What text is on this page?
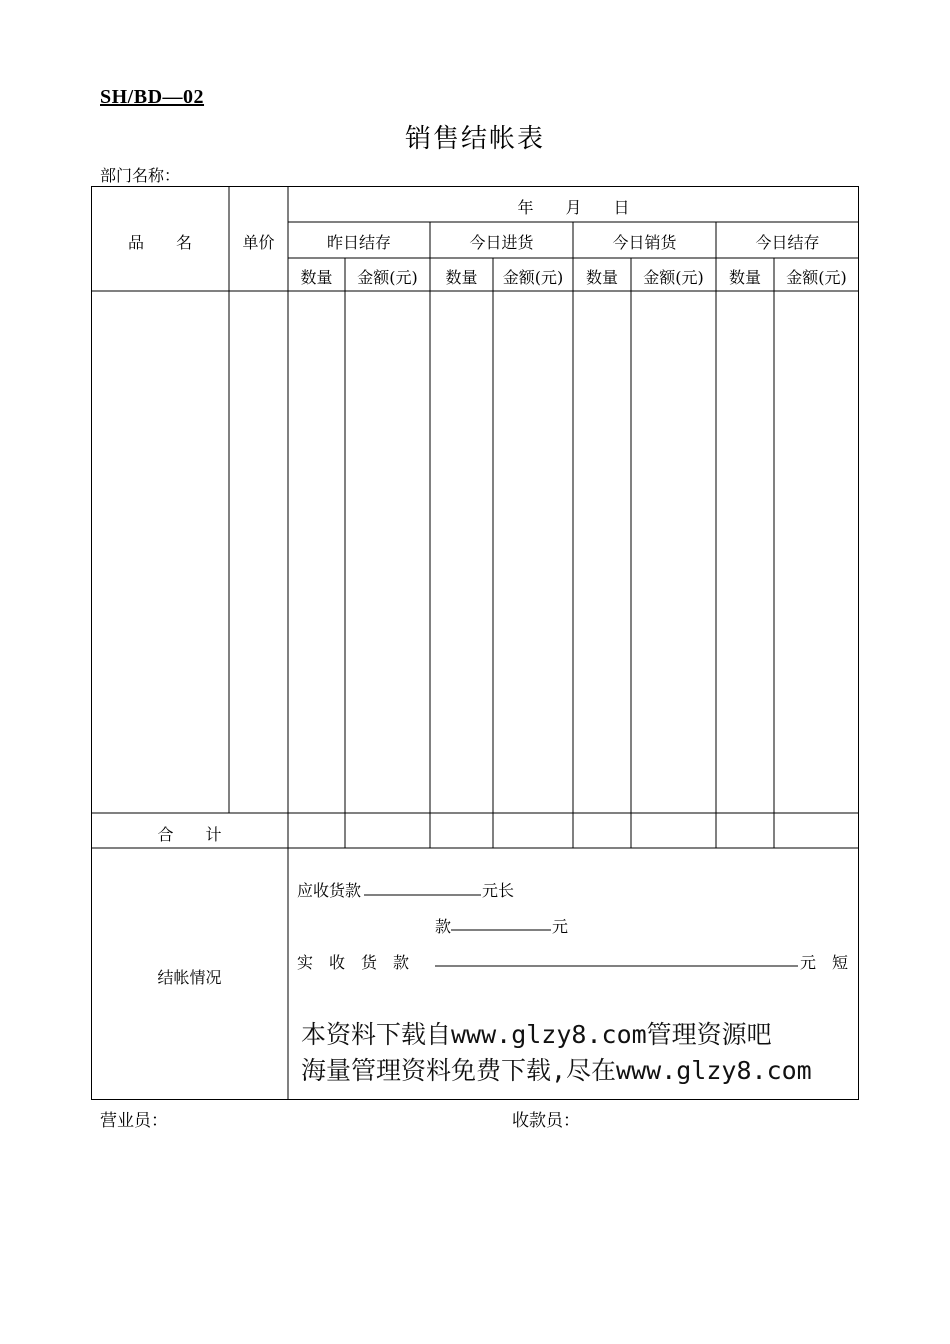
SH/BD—02
销售结帐表
部门名称：
年　　月　　日
品　　名	单价	昨日结存	今日进货	今日销货	今日结存
数量	金额(元)	数量	金额(元)	数量	金额(元)	数量	金额(元)
合　　计
结帐情况
应收货款	元长
款	元
实　收　货　款	元　短
本资料下载自www.glzy8.com管理资源吧
海量管理资料免费下载,尽在www.glzy8.com
营业员：	收款员：
